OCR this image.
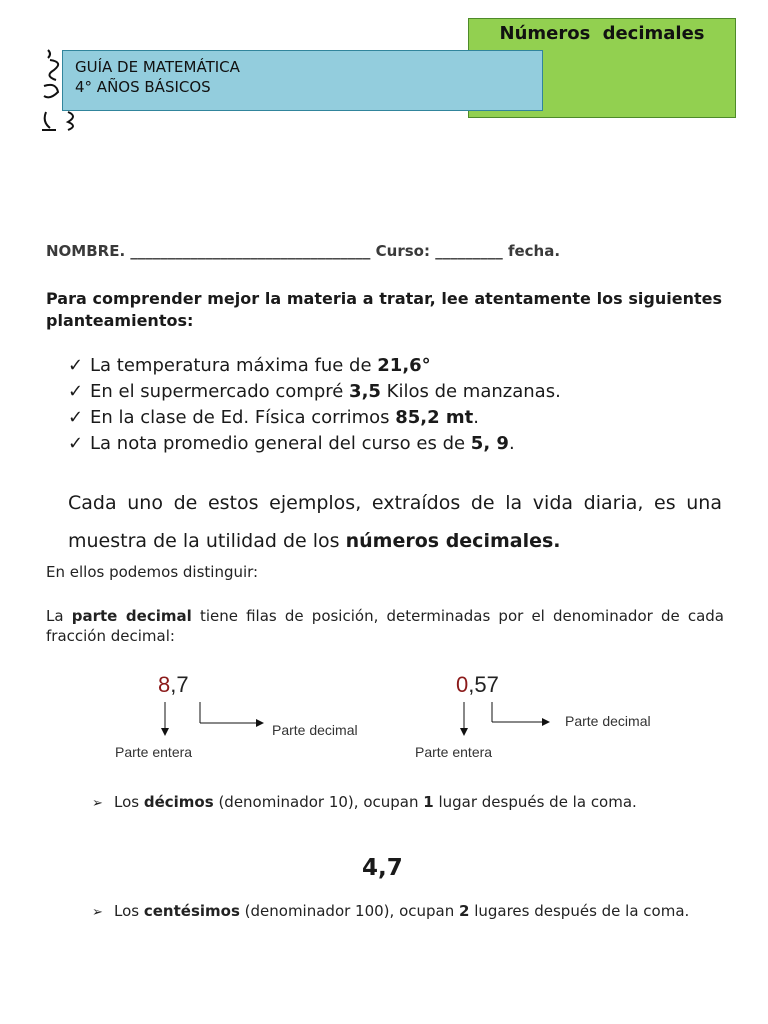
Números decimales
GUÍA DE MATEMÁTICA
4° AÑOS BÁSICOS
NOMBRE. ________________________________ Curso: _________ fecha.
Para comprender mejor la materia a tratar, lee atentamente los siguientes planteamientos:
✓ La temperatura máxima fue de 21,6°
✓ En el supermercado compré 3,5 Kilos de manzanas.
✓ En la clase de Ed. Física corrimos 85,2 mt.
✓ La nota promedio general del curso es de 5, 9.
Cada uno de estos ejemplos, extraídos de la vida diaria, es una muestra de la utilidad de los números decimales.
En ellos podemos distinguir:
La parte decimal tiene filas de posición, determinadas por el denominador de cada fracción decimal:
8,7
Parte entera
Parte decimal
0,57
Parte entera
Parte decimal
➢ Los décimos (denominador 10), ocupan 1 lugar después de la coma.
4,7
➢ Los centésimos (denominador 100), ocupan 2 lugares después de la coma.
